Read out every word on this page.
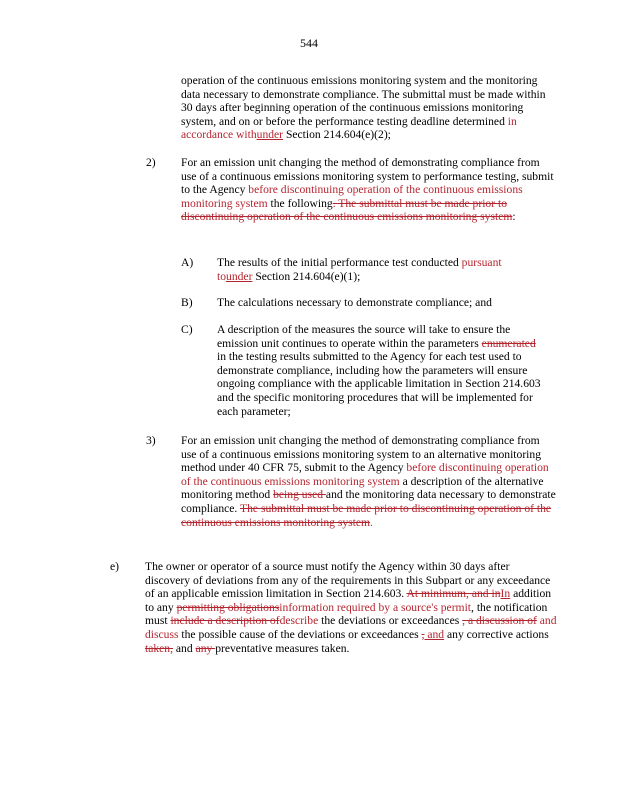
544
operation of the continuous emissions monitoring system and the monitoring data necessary to demonstrate compliance. The submittal must be made within 30 days after beginning operation of the continuous emissions monitoring system, and on or before the performance testing deadline determined in accordance withunder Section 214.604(e)(2);
2) For an emission unit changing the method of demonstrating compliance from use of a continuous emissions monitoring system to performance testing, submit to the Agency before discontinuing operation of the continuous emissions monitoring system the following. The submittal must be made prior to discontinuing operation of the continuous emissions monitoring system:
A) The results of the initial performance test conducted pursuant tounder Section 214.604(e)(1);
B) The calculations necessary to demonstrate compliance; and
C) A description of the measures the source will take to ensure the emission unit continues to operate within the parameters enumerated in the testing results submitted to the Agency for each test used to demonstrate compliance, including how the parameters will ensure ongoing compliance with the applicable limitation in Section 214.603 and the specific monitoring procedures that will be implemented for each parameter;
3) For an emission unit changing the method of demonstrating compliance from use of a continuous emissions monitoring system to an alternative monitoring method under 40 CFR 75, submit to the Agency before discontinuing operation of the continuous emissions monitoring system a description of the alternative monitoring method being used and the monitoring data necessary to demonstrate compliance. The submittal must be made prior to discontinuing operation of the continuous emissions monitoring system.
e) The owner or operator of a source must notify the Agency within 30 days after discovery of deviations from any of the requirements in this Subpart or any exceedance of an applicable emission limitation in Section 214.603. At minimum, and inIn addition to any permitting obligationsinformation required by a source's permit, the notification must include a description ofdescribe the deviations or exceedances , a discussion of and discuss the possible cause of the deviations or exceedances , and any corrective actions taken, and any preventative measures taken.
